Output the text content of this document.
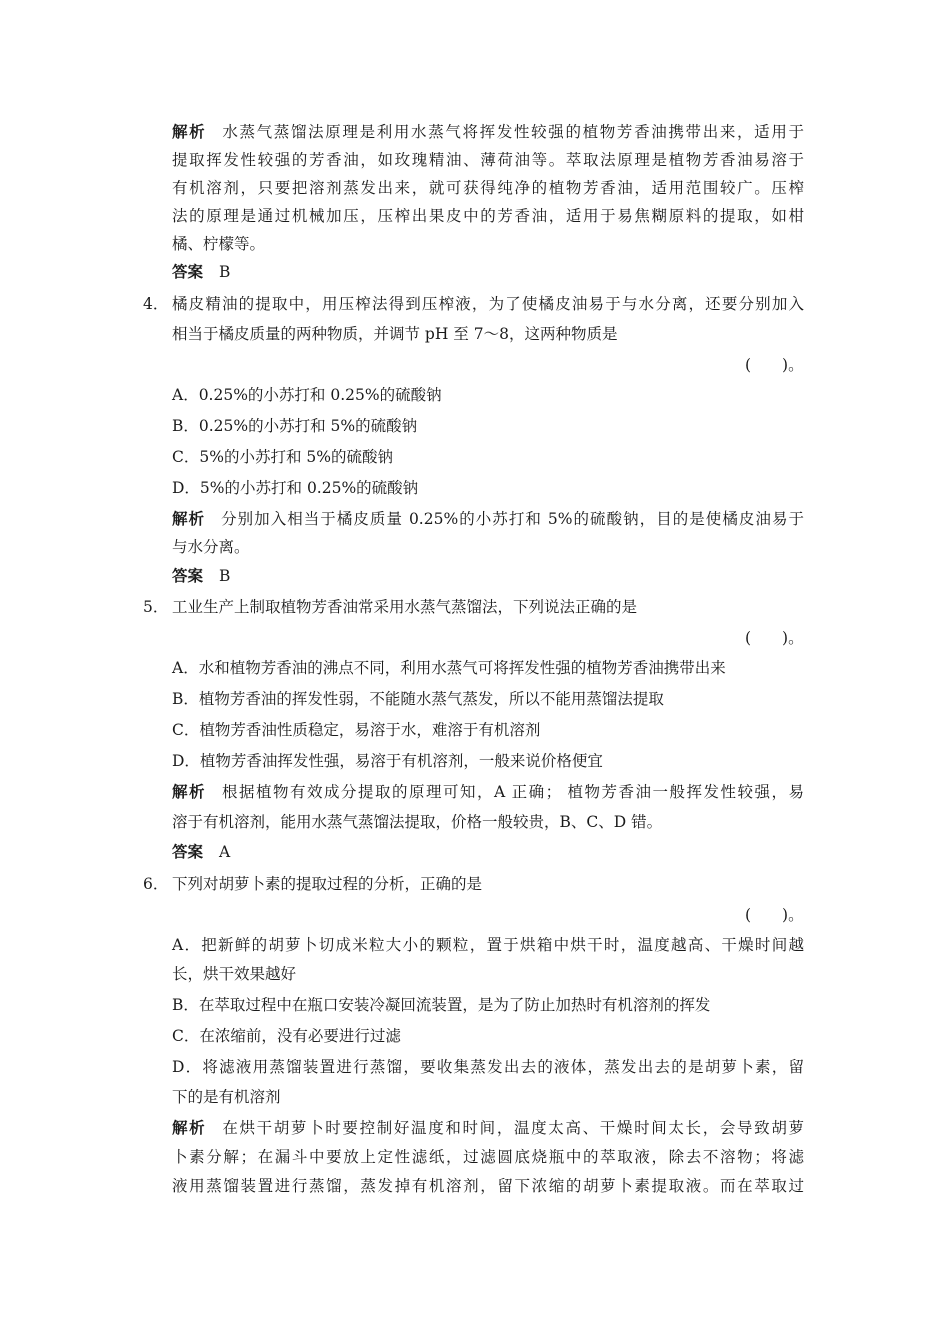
解析 水蒸气蒸馏法原理是利用水蒸气将挥发性较强的植物芳香油携带出来，适用于
提取挥发性较强的芳香油，如玫瑰精油、薄荷油等。萃取法原理是植物芳香油易溶于
有机溶剂，只要把溶剂蒸发出来，就可获得纯净的植物芳香油，适用范围较广。压榨
法的原理是通过机械加压，压榨出果皮中的芳香油，适用于易焦糊原料的提取，如柑
橘、柠檬等。
答案 B
4． 橘皮精油的提取中，用压榨法得到压榨液，为了使橘皮油易于与水分离，还要分别加入
相当于橘皮质量的两种物质，并调节 pH 至 7～8，这两种物质是
(　　)。
A．0.25%的小苏打和 0.25%的硫酸钠
B．0.25%的小苏打和 5%的硫酸钠
C．5%的小苏打和 5%的硫酸钠
D．5%的小苏打和 0.25%的硫酸钠
解析 分别加入相当于橘皮质量 0.25%的小苏打和 5%的硫酸钠，目的是使橘皮油易于
与水分离。
答案 B
5． 工业生产上制取植物芳香油常采用水蒸气蒸馏法，下列说法正确的是
(　　)。
A．水和植物芳香油的沸点不同，利用水蒸气可将挥发性强的植物芳香油携带出来
B．植物芳香油的挥发性弱，不能随水蒸气蒸发，所以不能用蒸馏法提取
C．植物芳香油性质稳定，易溶于水，难溶于有机溶剂
D．植物芳香油挥发性强，易溶于有机溶剂，一般来说价格便宜
解析 根据植物有效成分提取的原理可知，A 正确； 植物芳香油一般挥发性较强，易
溶于有机溶剂，能用水蒸气蒸馏法提取，价格一般较贵，B、C、D 错。
答案 A
6． 下列对胡萝卜素的提取过程的分析，正确的是
(　　)。
A．把新鲜的胡萝卜切成米粒大小的颗粒，置于烘箱中烘干时，温度越高、干燥时间越
长，烘干效果越好
B．在萃取过程中在瓶口安装冷凝回流装置，是为了防止加热时有机溶剂的挥发
C．在浓缩前，没有必要进行过滤
D．将滤液用蒸馏装置进行蒸馏，要收集蒸发出去的液体，蒸发出去的是胡萝卜素，留
下的是有机溶剂
解析 在烘干胡萝卜时要控制好温度和时间，温度太高、干燥时间太长，会导致胡萝
卜素分解；在漏斗中要放上定性滤纸，过滤圆底烧瓶中的萃取液，除去不溶物；将滤
液用蒸馏装置进行蒸馏，蒸发掉有机溶剂，留下浓缩的胡萝卜素提取液。而在萃取过
